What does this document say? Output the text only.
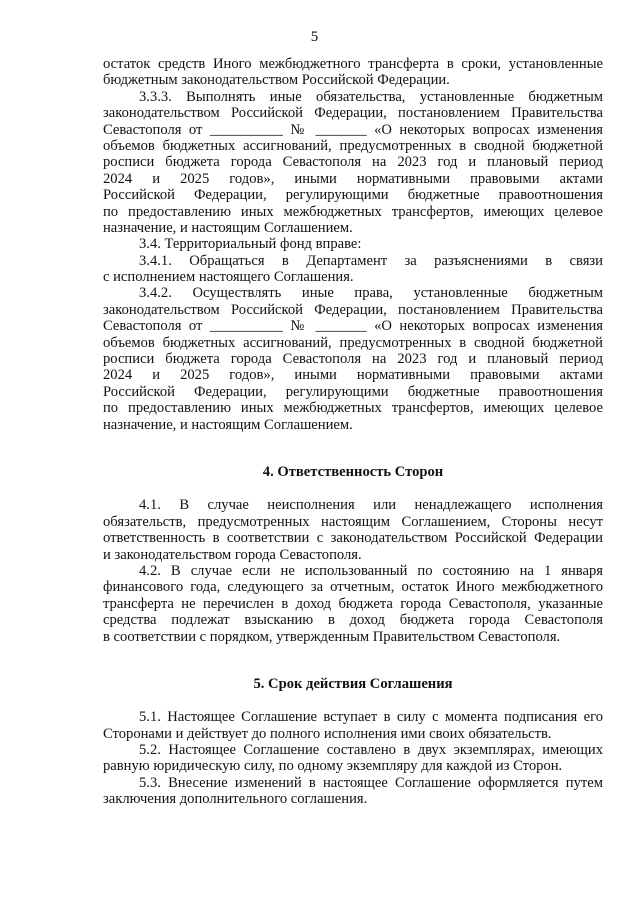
5
остаток средств Иного межбюджетного трансферта в сроки, установленные
бюджетным законодательством Российской Федерации.
3.3.3. Выполнять иные обязательства, установленные бюджетным
законодательством Российской Федерации, постановлением Правительства
Севастополя от __________ № _______ «О некоторых вопросах изменения
объемов бюджетных ассигнований, предусмотренных в сводной бюджетной
росписи бюджета города Севастополя на 2023 год и плановый период
2024 и 2025 годов», иными нормативными правовыми актами
Российской Федерации, регулирующими бюджетные правоотношения
по предоставлению иных межбюджетных трансфертов, имеющих целевое
назначение, и настоящим Соглашением.
3.4. Территориальный фонд вправе:
3.4.1. Обращаться в Департамент за разъяснениями в связи
с исполнением настоящего Соглашения.
3.4.2. Осуществлять иные права, установленные бюджетным
законодательством Российской Федерации, постановлением Правительства
Севастополя от __________ № _______ «О некоторых вопросах изменения
объемов бюджетных ассигнований, предусмотренных в сводной бюджетной
росписи бюджета города Севастополя на 2023 год и плановый период
2024 и 2025 годов», иными нормативными правовыми актами
Российской Федерации, регулирующими бюджетные правоотношения
по предоставлению иных межбюджетных трансфертов, имеющих целевое
назначение, и настоящим Соглашением.
4. Ответственность Сторон
4.1. В случае неисполнения или ненадлежащего исполнения
обязательств, предусмотренных настоящим Соглашением, Стороны несут
ответственность в соответствии с законодательством Российской Федерации
и законодательством города Севастополя.
4.2. В случае если не использованный по состоянию на 1 января
финансового года, следующего за отчетным, остаток Иного межбюджетного
трансферта не перечислен в доход бюджета города Севастополя, указанные
средства подлежат взысканию в доход бюджета города Севастополя
в соответствии с порядком, утвержденным Правительством Севастополя.
5. Срок действия Соглашения
5.1. Настоящее Соглашение вступает в силу с момента подписания его
Сторонами и действует до полного исполнения ими своих обязательств.
5.2. Настоящее Соглашение составлено в двух экземплярах, имеющих
равную юридическую силу, по одному экземпляру для каждой из Сторон.
5.3. Внесение изменений в настоящее Соглашение оформляется путем
заключения дополнительного соглашения.
